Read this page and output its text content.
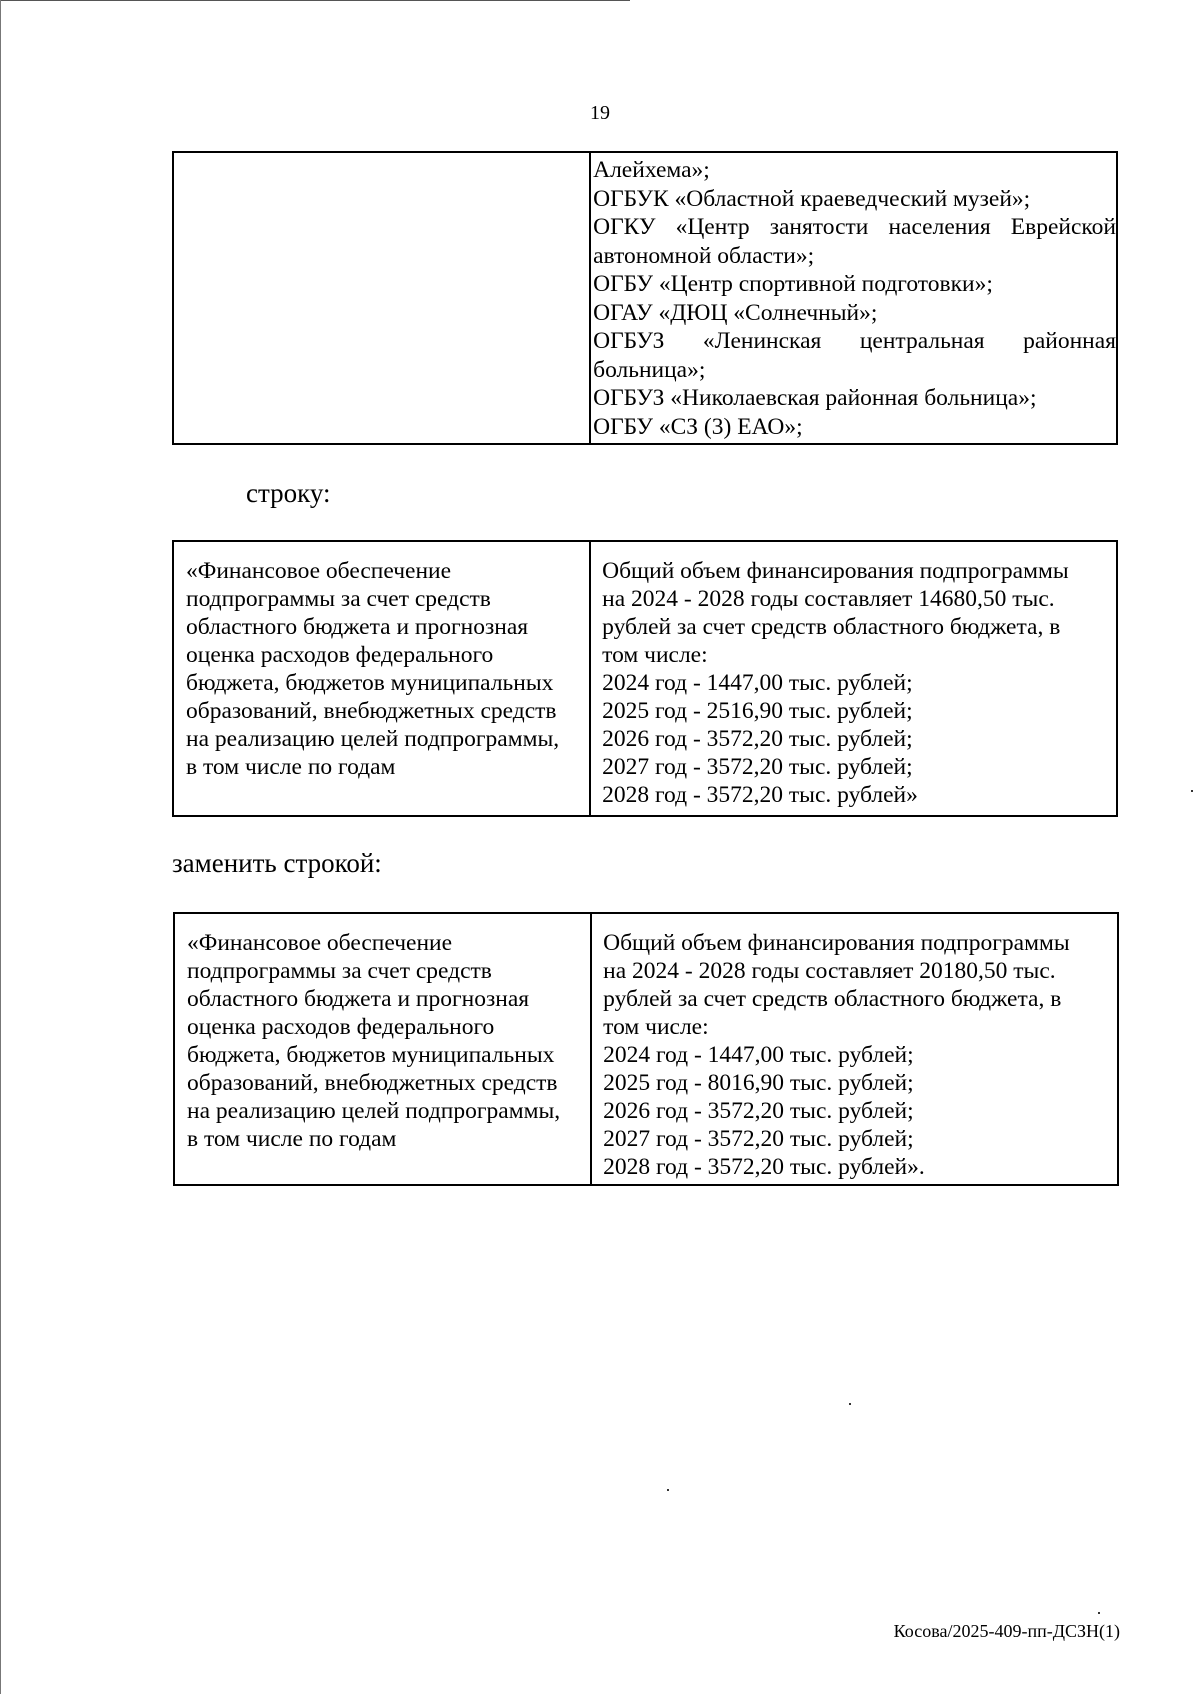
19
Алейхема»;
ОГБУК «Областной краеведческий музей»;
ОГКУ «Центр занятости населения Еврейской
автономной области»;
ОГБУ «Центр спортивной подготовки»;
ОГАУ «ДЮЦ «Солнечный»;
ОГБУЗ «Ленинская центральная районная
больница»;
ОГБУЗ «Николаевская районная больница»;
ОГБУ «СЗ (3) ЕАО»;
строку:
«Финансовое обеспечение
подпрограммы за счет средств
областного бюджета и прогнозная
оценка расходов федерального
бюджета, бюджетов муниципальных
образований, внебюджетных средств
на реализацию целей подпрограммы,
в том числе по годам
Общий объем финансирования подпрограммы
на 2024 - 2028 годы составляет 14680,50 тыс.
рублей за счет средств областного бюджета, в
том числе:
2024 год - 1447,00 тыс. рублей;
2025 год - 2516,90 тыс. рублей;
2026 год - 3572,20 тыс. рублей;
2027 год - 3572,20 тыс. рублей;
2028 год - 3572,20 тыс. рублей»
заменить строкой:
«Финансовое обеспечение
подпрограммы за счет средств
областного бюджета и прогнозная
оценка расходов федерального
бюджета, бюджетов муниципальных
образований, внебюджетных средств
на реализацию целей подпрограммы,
в том числе по годам
Общий объем финансирования подпрограммы
на 2024 - 2028 годы составляет 20180,50 тыс.
рублей за счет средств областного бюджета, в
том числе:
2024 год - 1447,00 тыс. рублей;
2025 год - 8016,90 тыс. рублей;
2026 год - 3572,20 тыс. рублей;
2027 год - 3572,20 тыс. рублей;
2028 год - 3572,20 тыс. рублей».
Косова/2025-409-пп-ДСЗН(1)
